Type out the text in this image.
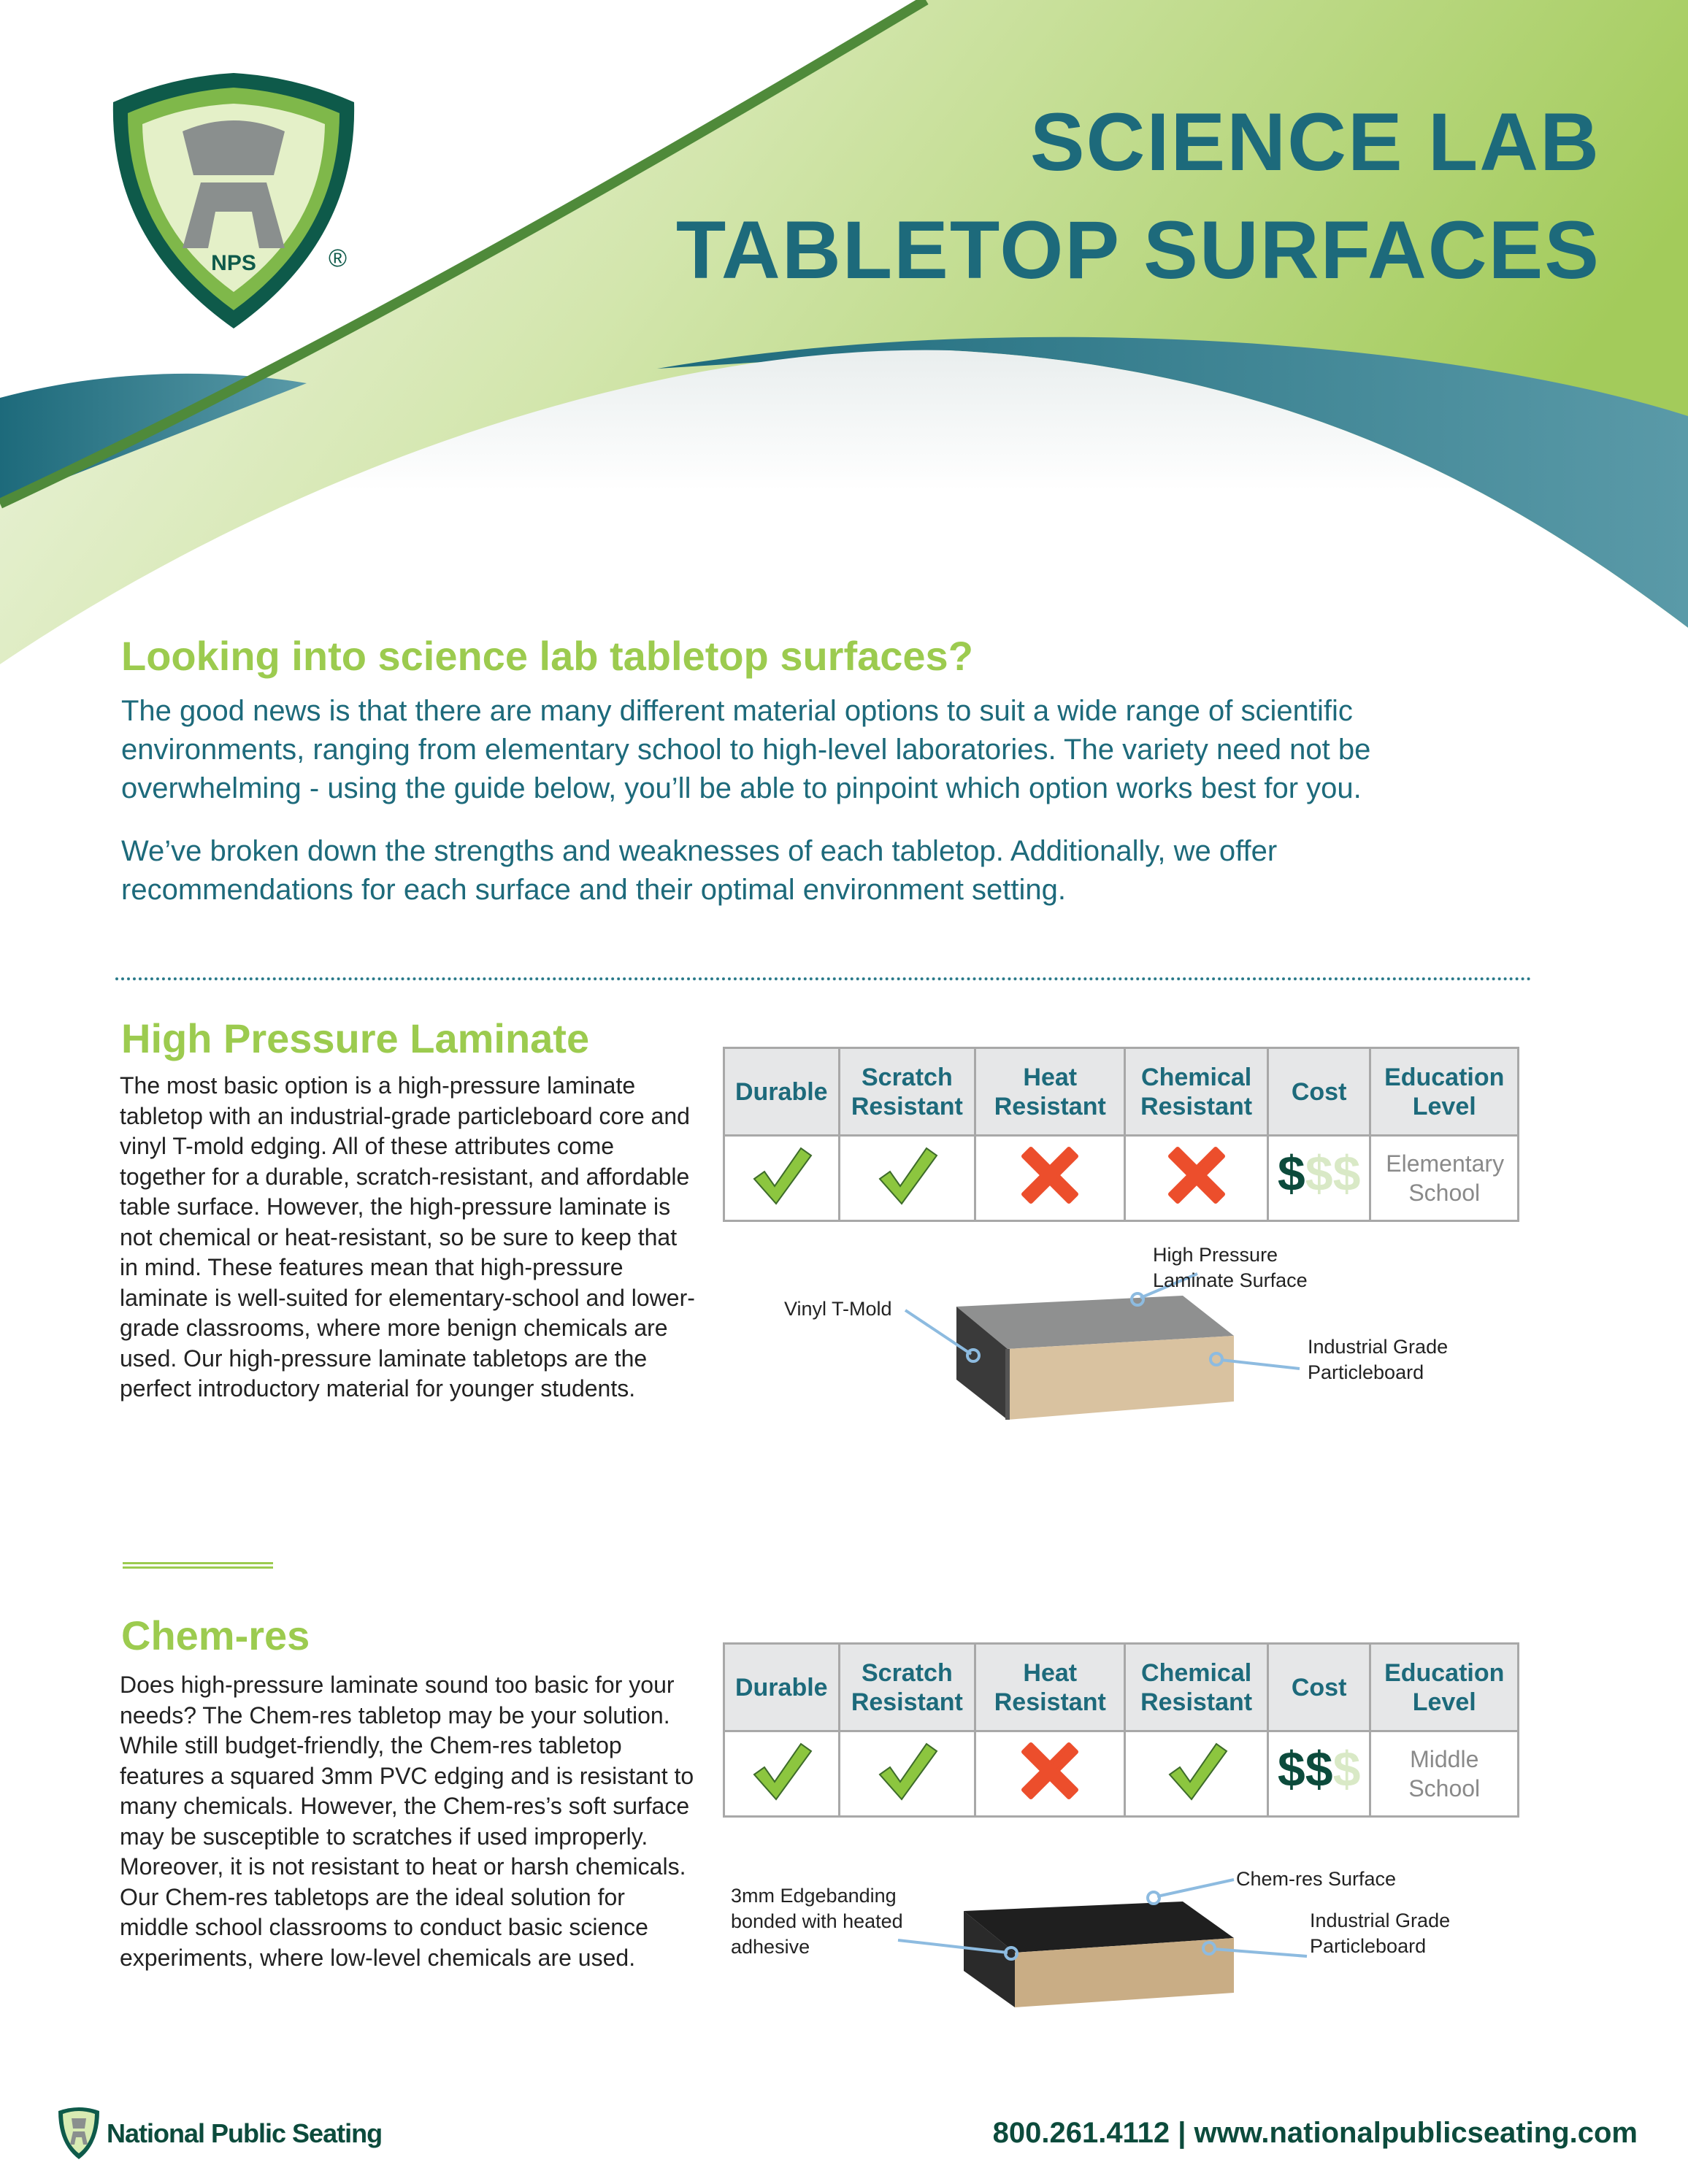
NPS	®
SCIENCE LAB
TABLETOP SURFACES
Looking into science lab tabletop surfaces?
The good news is that there are many different material options to suit a wide range of scientific environments, ranging from elementary school to high-level laboratories. The variety need not be overwhelming - using the guide below, you’ll be able to pinpoint which option works best for you.
We’ve broken down the strengths and weaknesses of each tabletop. Additionally, we offer recommendations for each surface and their optimal environment setting.
High Pressure Laminate
The most basic option is a high-pressure laminate tabletop with an industrial-grade particleboard core and vinyl T-mold edging. All of these attributes come together for a durable, scratch-resistant, and affordable table surface. However, the high-pressure laminate is not chemical or heat-resistant, so be sure to keep that in mind. These features mean that high-pressure laminate is well-suited for elementary-school and lower-grade classrooms, where more benign chemicals are used. Our high-pressure laminate tabletops are the perfect introductory material for younger students.
Durable	Scratch Resistant	Heat Resistant	Chemical Resistant	Cost	Education Level
				$$$	Elementary School
High Pressure Laminate Surface
Vinyl T-Mold
Industrial Grade Particleboard
Chem-res
Does high-pressure laminate sound too basic for your needs? The Chem-res tabletop may be your solution. While still budget-friendly, the Chem-res tabletop features a squared 3mm PVC edging and is resistant to many chemicals. However, the Chem-res’s soft surface may be susceptible to scratches if used improperly. Moreover, it is not resistant to heat or harsh chemicals. Our Chem-res tabletops are the ideal solution for middle school classrooms to conduct basic science experiments, where low-level chemicals are used.
Durable	Scratch Resistant	Heat Resistant	Chemical Resistant	Cost	Education Level
				$$$	Middle School
Chem-res Surface
3mm Edgebanding bonded with heated adhesive
Industrial Grade Particleboard
National Public Seating	800.261.4112 | www.nationalpublicseating.com
